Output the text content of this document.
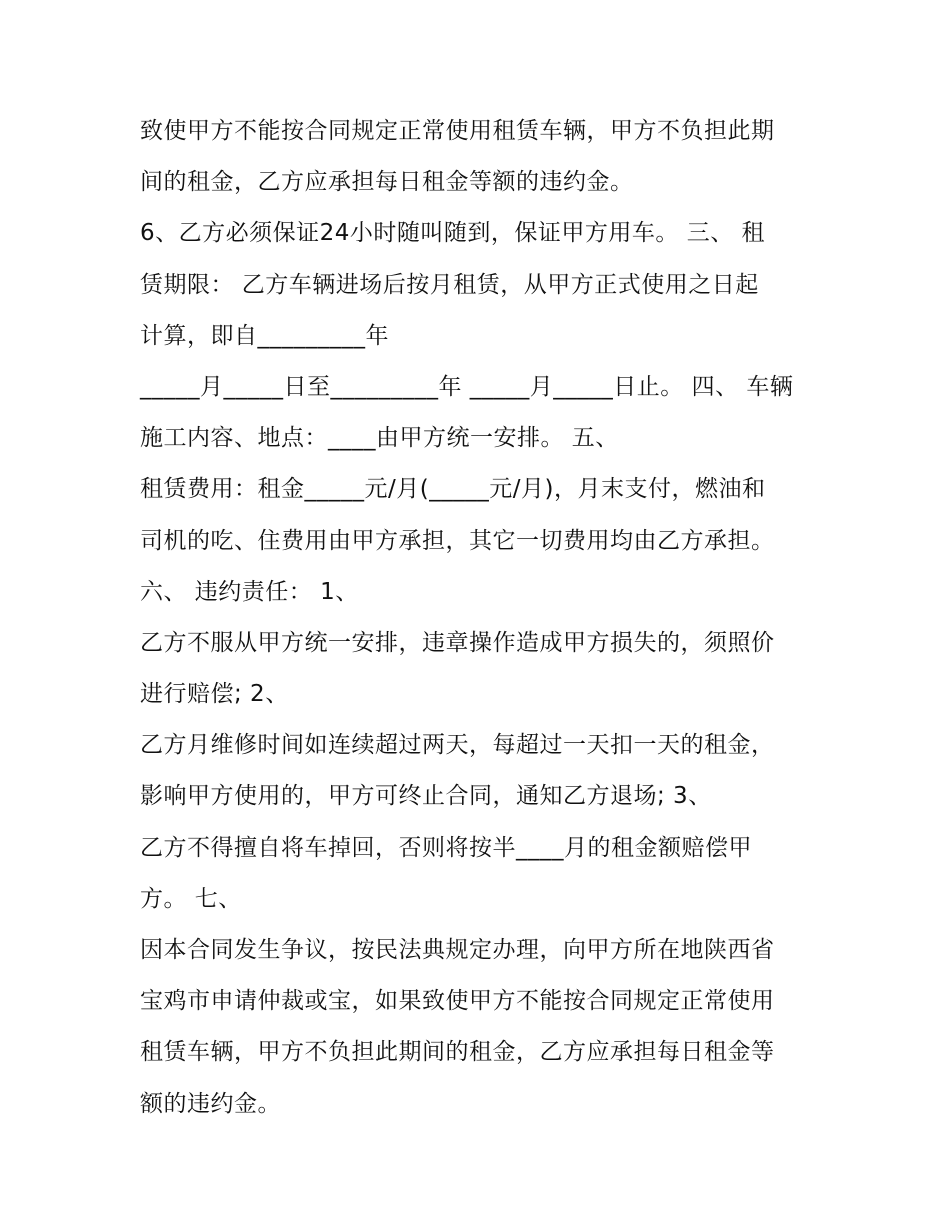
致使甲方不能按合同规定正常使用租赁车辆，甲方不负担此期
间的租金，乙方应承担每日租金等额的违约金。
6、乙方必须保证24小时随叫随到，保证甲方用车。 三、 租
赁期限： 乙方车辆进场后按月租赁，从甲方正式使用之日起
计算，即自_________年
_____月_____日至_________年 _____月_____日止。 四、 车辆
施工内容、地点：____由甲方统一安排。 五、
租赁费用：租金_____元/月(_____元/月)，月末支付，燃油和
司机的吃、住费用由甲方承担，其它一切费用均由乙方承担。
六、 违约责任： 1、
乙方不服从甲方统一安排，违章操作造成甲方损失的，须照价
进行赔偿; 2、
乙方月维修时间如连续超过两天，每超过一天扣一天的租金，
影响甲方使用的，甲方可终止合同，通知乙方退场; 3、
乙方不得擅自将车掉回，否则将按半____月的租金额赔偿甲
方。 七、
因本合同发生争议，按民法典规定办理，向甲方所在地陕西省
宝鸡市申请仲裁或宝，如果致使甲方不能按合同规定正常使用
租赁车辆，甲方不负担此期间的租金，乙方应承担每日租金等
额的违约金。
